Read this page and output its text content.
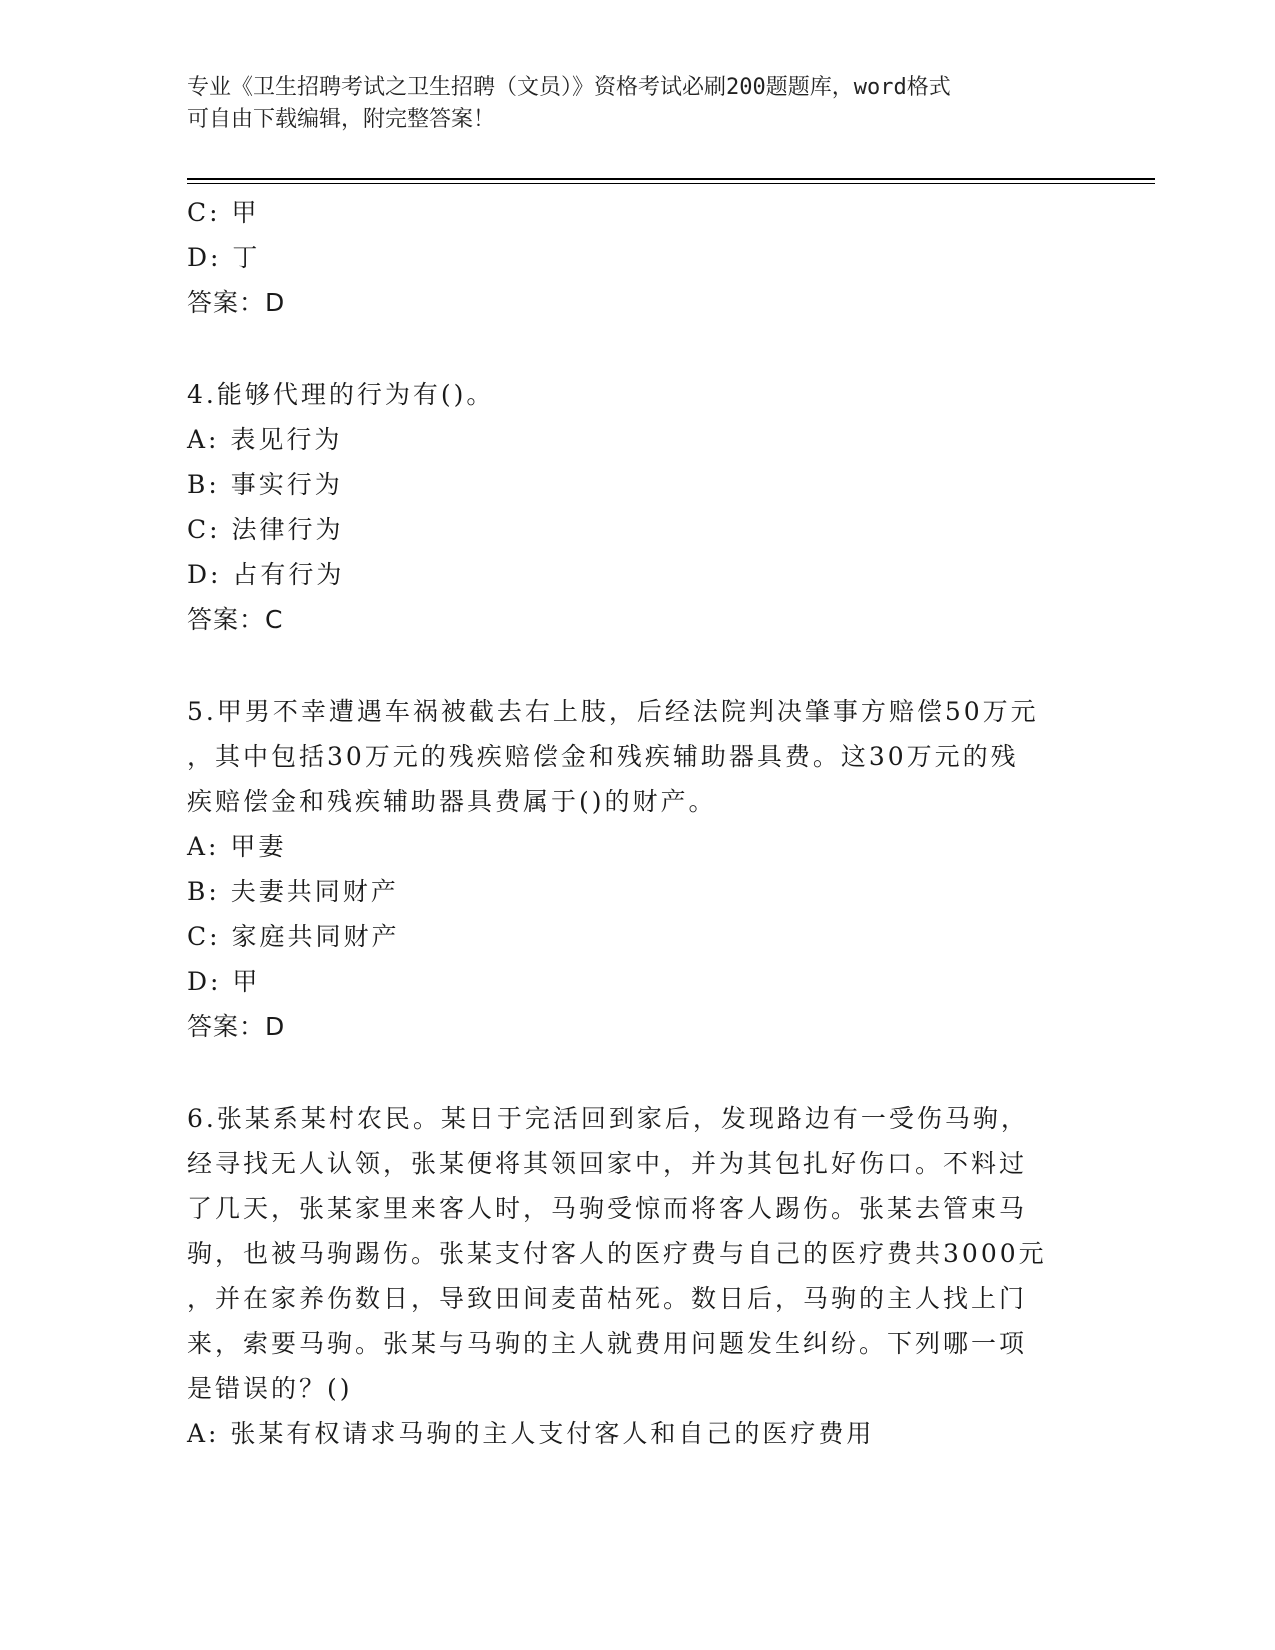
专业《卫生招聘考试之卫生招聘（文员）》资格考试必刷200题题库，word格式
可自由下载编辑，附完整答案！
C: 甲
D: 丁
答案：D
4.能够代理的行为有()。
A: 表见行为
B: 事实行为
C: 法律行为
D: 占有行为
答案：C
5.甲男不幸遭遇车祸被截去右上肢，后经法院判决肇事方赔偿50万元
，其中包括30万元的残疾赔偿金和残疾辅助器具费。这30万元的残
疾赔偿金和残疾辅助器具费属于()的财产。
A: 甲妻
B: 夫妻共同财产
C: 家庭共同财产
D: 甲
答案：D
6.张某系某村农民。某日于完活回到家后，发现路边有一受伤马驹，
经寻找无人认领，张某便将其领回家中，并为其包扎好伤口。不料过
了几天，张某家里来客人时，马驹受惊而将客人踢伤。张某去管束马
驹，也被马驹踢伤。张某支付客人的医疗费与自己的医疗费共3000元
，并在家养伤数日，导致田间麦苗枯死。数日后，马驹的主人找上门
来，索要马驹。张某与马驹的主人就费用问题发生纠纷。下列哪一项
是错误的？()
A: 张某有权请求马驹的主人支付客人和自己的医疗费用
